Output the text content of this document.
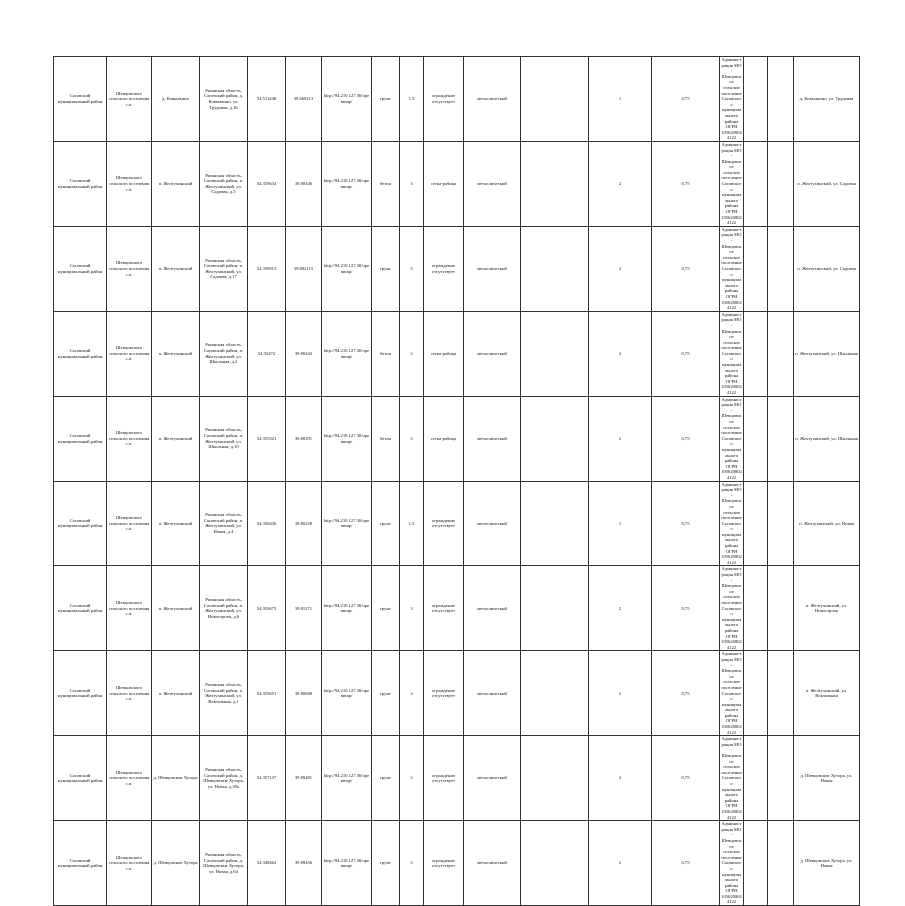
Сасовский муниципальный район	Шевцовского сельского поселения с.п.	д. Ковылкино	Рязанская область, Сасовский район, д. Ковылкино, ул. Трудовая, д.16	54.511448	39.668213	http://94.210.127.30/openmap/	грунт	1.5	ограждение отсутствует	металлический		1	0,75	Администрация МО - Шевцовское сельское поселение Сасовского муниципального района ОГРН 1056208024122			д. Ковылкино, ул. Трудовая
Сасовский муниципальный район	Шевцовского сельского поселения с.п.	п. Желтухинский	Рязанская область, Сасовский район, п. Желтухинский, ул. Садовая, д.5	54.359634	39.80446	http://94.210.127.30/openmap/	бетон	3	сетка-рабица	металлический		2	0,75	Администрация МО - Шевцовское сельское поселение Сасовского муниципального района ОГРН 1056208024122			п. Желтухинский, ул. Садовая
Сасовский муниципальный район	Шевцовского сельского поселения с.п.	п. Желтухинский	Рязанская область, Сасовский район, п. Желтухинский, ул. Садовая, д.17	54.358913	39.802115	http://94.210.127.30/openmap/	грунт	3	ограждение отсутствует	металлический		2	0,75	Администрация МО - Шевцовское сельское поселение Сасовского муниципального района ОГРН 1056208024122			п. Желтухинский, ул. Садовая
Сасовский муниципальный район	Шевцовского сельского поселения с.п.	п. Желтухинский	Рязанская область, Сасовский район, п. Желтухинский, ул. Школьная, д.2	54.35472	39.80443	http://94.210.127.30/openmap/	бетон	3	сетка-рабица	металлический		2	0,75	Администрация МО - Шевцовское сельское поселение Сасовского муниципального района ОГРН 1056208024122			п. Желтухинский, ул. Школьная
Сасовский муниципальный район	Шевцовского сельского поселения с.п.	п. Желтухинский	Рязанская область, Сасовский район, п. Желтухинский, ул. Школьная, д.10	54.355321	39.80291	http://94.210.127.30/openmap/	бетон	3	сетка-рабица	металлический		2	0,75	Администрация МО - Шевцовское сельское поселение Сасовского муниципального района ОГРН 1056208024122			п. Желтухинский, ул. Школьная
Сасовский муниципальный район	Шевцовского сельского поселения с.п.	п. Желтухинский	Рязанская область, Сасовский район, п. Желтухинский, ул. Новая, д.4	54.356436	39.80258	http://94.210.127.30/openmap/	грунт	1.5	ограждение отсутствует	металлический		1	0,75	Администрация МО - Шевцовское сельское поселение Сасовского муниципального района ОГРН 1056208024122			п. Желтухинский, ул. Новая
Сасовский муниципальный район	Шевцовского сельского поселения с.п.	п. Желтухинский	Рязанская область, Сасовский район, п. Желтухинский, ул. Новостроек, д.6	54.353675	39.81271	http://94.210.127.30/openmap/	грунт	3	ограждение отсутствует	металлический		2	0,75	Администрация МО - Шевцовское сельское поселение Сасовского муниципального района ОГРН 1056208024122			п. Желтухинский, ул. Новостроек
Сасовский муниципальный район	Шевцовского сельского поселения с.п.	п. Желтухинский	Рязанская область, Сасовский район, п. Желтухинский, ул. Вокзальная, д.1	54.355651	39.80688	http://94.210.127.30/openmap/	грунт	3	ограждение отсутствует	металлический		2	0,75	Администрация МО - Шевцовское сельское поселение Сасовского муниципального района ОГРН 1056208024122			п. Желтухинский, ул. Вокзальная
Сасовский муниципальный район	Шевцовского сельского поселения с.п.	д. Шевцовские Хутора	Рязанская область, Сасовский район, д. Шевцовские Хутора, ул. Новая, д.39а	54.357137	39.89481	http://94.210.127.30/openmap/	грунт	3	ограждение отсутствует	металлический		2	0,75	Администрация МО - Шевцовское сельское поселение Сасовского муниципального района ОГРН 1056208024122			д. Шевцовские Хутора, ул. Новая
Сасовский муниципальный район	Шевцовского сельского поселения с.п.	д. Шевцовские Хутора	Рязанская область, Сасовский район, д. Шевцовские Хутора, ул. Новая, д.64	54.348462	39.89456	http://94.210.127.30/openmap/	грунт	3	ограждение отсутствует	металлический		2	0,75	Администрация МО - Шевцовское сельское поселение Сасовского муниципального района ОГРН 1056208024122			д. Шевцовские Хутора, ул. Новая
